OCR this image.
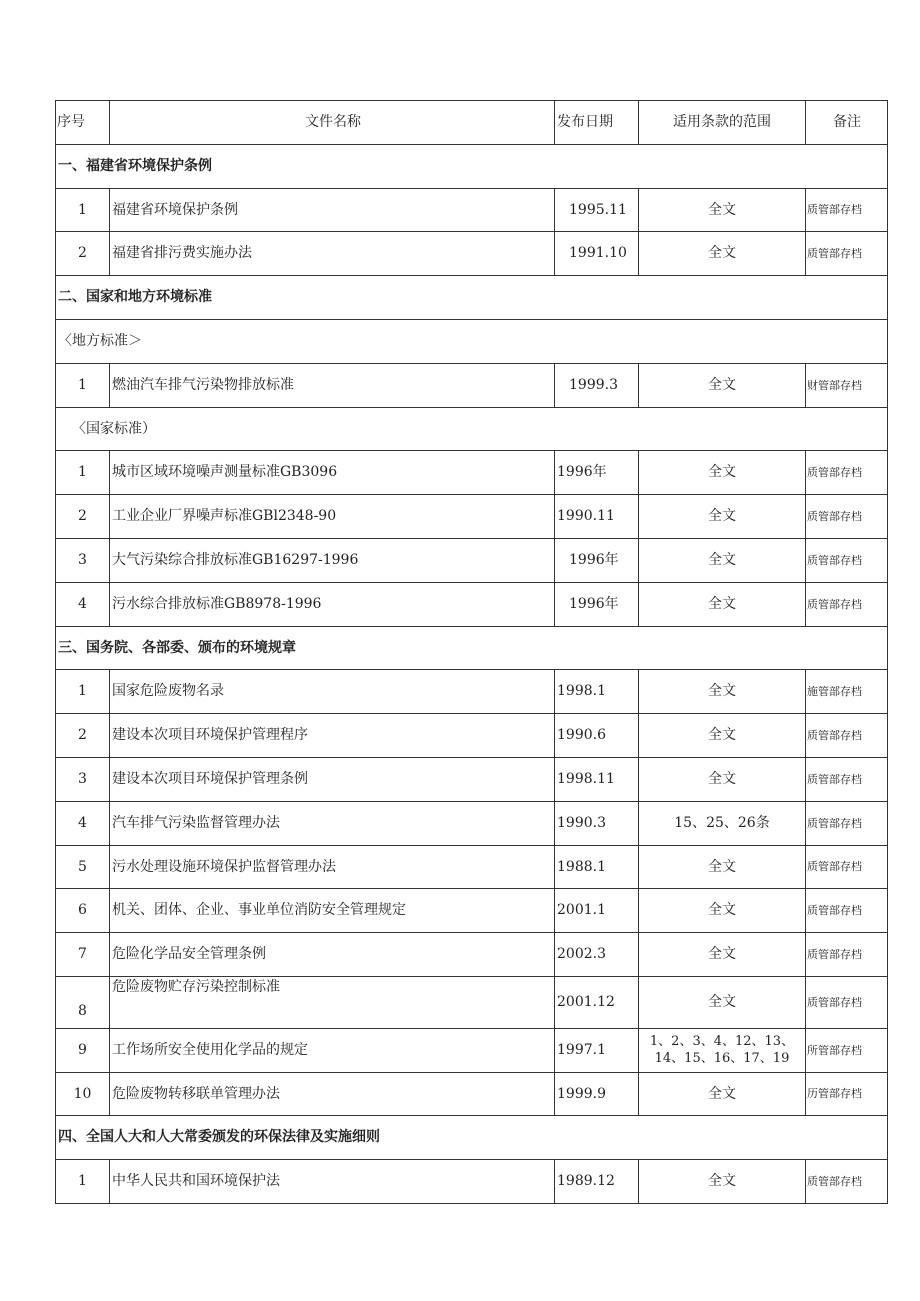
序号	文件名称	发布日期	适用条款的范围	备注
一、福建省环境保护条例				
1	福建省环境保护条例	1995.11	全文	质管部存档
2	福建省排污费实施办法	1991.10	全文	质管部存档
二、国家和地方环境标准				
〈地方标准＞				
1	燃油汽车排气污染物排放标准	1999.3	全文	财管部存档
〈国家标准）				
1	城市区域环境噪声测量标准GB3096	1996年	全文	质管部存档
2	工业企业厂界噪声标准GBl2348-90	1990.11	全文	质管部存档
3	大气污染综合排放标准GB16297-1996	1996年	全文	质管部存档
4	污水综合排放标准GB8978-1996	1996年	全文	质管部存档
三、国务院、各部委、颁布的环境规章				
1	国家危险废物名录	1998.1	全文	施管部存档
2	建设本次项目环境保护管理程序	1990.6	全文	质管部存档
3	建设本次项目环境保护管理条例	1998.11	全文	质管部存档
4	汽车排气污染监督管理办法	1990.3	15、25、26条	质管部存档
5	污水处理设施环境保护监督管理办法	1988.1	全文	质管部存档
6	机关、团体、企业、事业单位消防安全管理规定	2001.1	全文	质管部存档
7	危险化学品安全管理条例	2002.3	全文	质管部存档
8	危险废物贮存污染控制标准	2001.12	全文	质管部存档
9	工作场所安全使用化学品的规定	1997.1	1、2、3、4、12、13、14、15、16、17、19	所管部存档
10	危险废物转移联单管理办法	1999.9	全文	历管部存档
四、全国人大和人大常委颁发的环保法律及实施细则				
1	中华人民共和国环境保护法	1989.12	全文	质管部存档
